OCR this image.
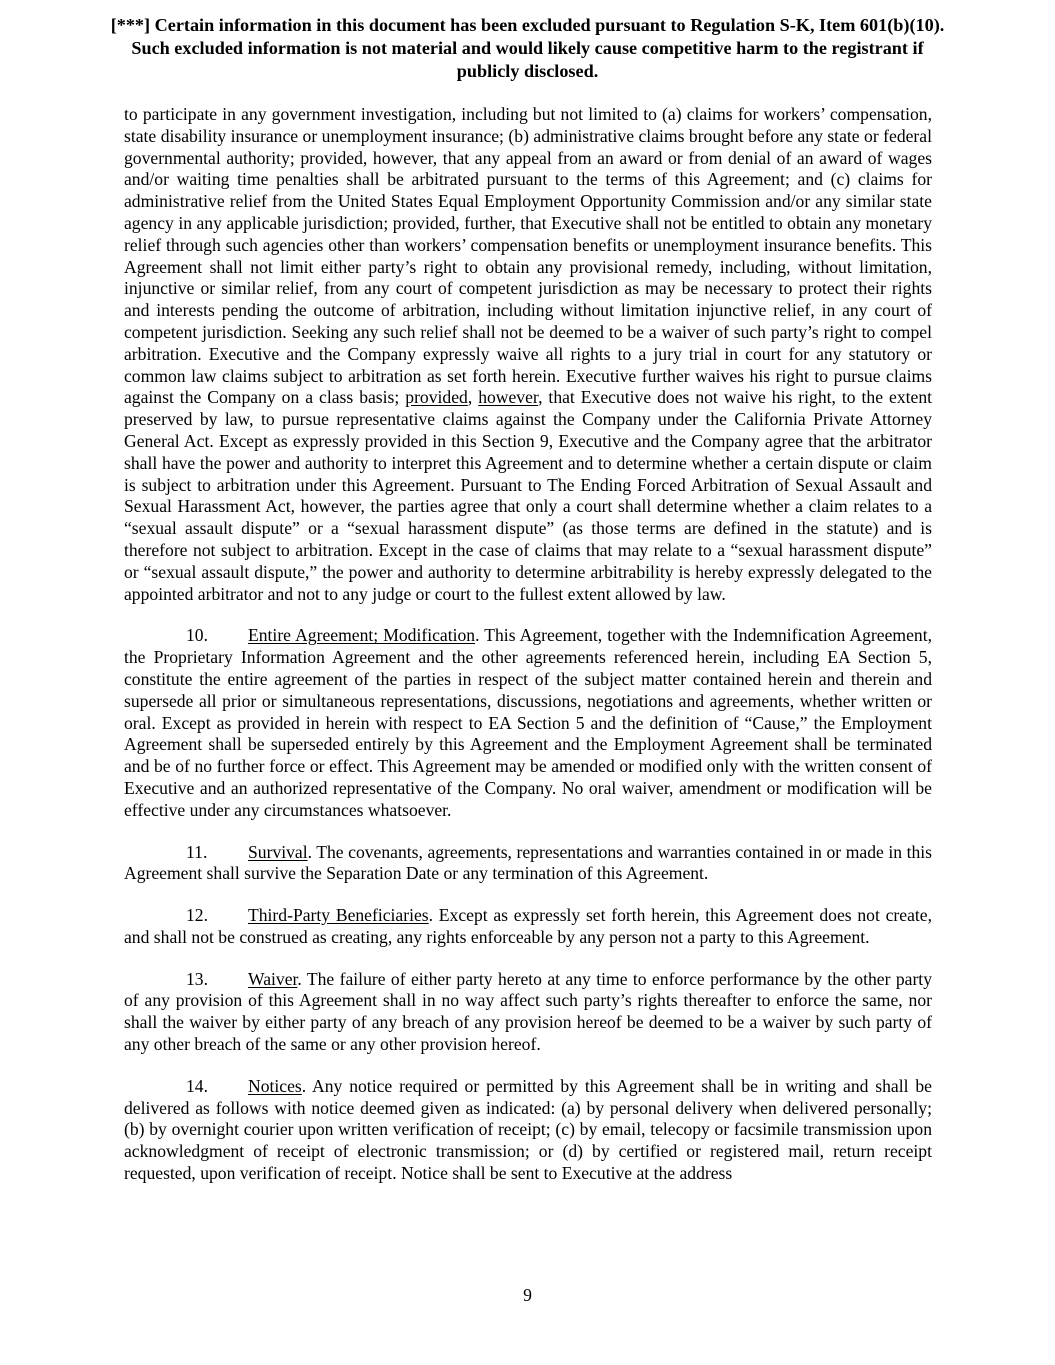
[***] Certain information in this document has been excluded pursuant to Regulation S-K, Item 601(b)(10).
Such excluded information is not material and would likely cause competitive harm to the registrant if
publicly disclosed.

to participate in any government investigation, including but not limited to (a) claims for workers’ compensation, state disability insurance or unemployment insurance; (b) administrative claims brought before any state or federal governmental authority; provided, however, that any appeal from an award or from denial of an award of wages and/or waiting time penalties shall be arbitrated pursuant to the terms of this Agreement; and (c) claims for administrative relief from the United States Equal Employment Opportunity Commission and/or any similar state agency in any applicable jurisdiction; provided, further, that Executive shall not be entitled to obtain any monetary relief through such agencies other than workers’ compensation benefits or unemployment insurance benefits. This Agreement shall not limit either party’s right to obtain any provisional remedy, including, without limitation, injunctive or similar relief, from any court of competent jurisdiction as may be necessary to protect their rights and interests pending the outcome of arbitration, including without limitation injunctive relief, in any court of competent jurisdiction. Seeking any such relief shall not be deemed to be a waiver of such party’s right to compel arbitration. Executive and the Company expressly waive all rights to a jury trial in court for any statutory or common law claims subject to arbitration as set forth herein. Executive further waives his right to pursue claims against the Company on a class basis; provided, however, that Executive does not waive his right, to the extent preserved by law, to pursue representative claims against the Company under the California Private Attorney General Act. Except as expressly provided in this Section 9, Executive and the Company agree that the arbitrator shall have the power and authority to interpret this Agreement and to determine whether a certain dispute or claim is subject to arbitration under this Agreement. Pursuant to The Ending Forced Arbitration of Sexual Assault and Sexual Harassment Act, however, the parties agree that only a court shall determine whether a claim relates to a “sexual assault dispute” or a “sexual harassment dispute” (as those terms are defined in the statute) and is therefore not subject to arbitration. Except in the case of claims that may relate to a “sexual harassment dispute” or “sexual assault dispute,” the power and authority to determine arbitrability is hereby expressly delegated to the appointed arbitrator and not to any judge or court to the fullest extent allowed by law.

10. Entire Agreement; Modification. This Agreement, together with the Indemnification Agreement, the Proprietary Information Agreement and the other agreements referenced herein, including EA Section 5, constitute the entire agreement of the parties in respect of the subject matter contained herein and therein and supersede all prior or simultaneous representations, discussions, negotiations and agreements, whether written or oral. Except as provided in herein with respect to EA Section 5 and the definition of “Cause,” the Employment Agreement shall be superseded entirely by this Agreement and the Employment Agreement shall be terminated and be of no further force or effect. This Agreement may be amended or modified only with the written consent of Executive and an authorized representative of the Company. No oral waiver, amendment or modification will be effective under any circumstances whatsoever.

11. Survival. The covenants, agreements, representations and warranties contained in or made in this Agreement shall survive the Separation Date or any termination of this Agreement.

12. Third-Party Beneficiaries. Except as expressly set forth herein, this Agreement does not create, and shall not be construed as creating, any rights enforceable by any person not a party to this Agreement.

13. Waiver. The failure of either party hereto at any time to enforce performance by the other party of any provision of this Agreement shall in no way affect such party’s rights thereafter to enforce the same, nor shall the waiver by either party of any breach of any provision hereof be deemed to be a waiver by such party of any other breach of the same or any other provision hereof.

14. Notices. Any notice required or permitted by this Agreement shall be in writing and shall be delivered as follows with notice deemed given as indicated: (a) by personal delivery when delivered personally; (b) by overnight courier upon written verification of receipt; (c) by email, telecopy or facsimile transmission upon acknowledgment of receipt of electronic transmission; or (d) by certified or registered mail, return receipt requested, upon verification of receipt. Notice shall be sent to Executive at the address

9
